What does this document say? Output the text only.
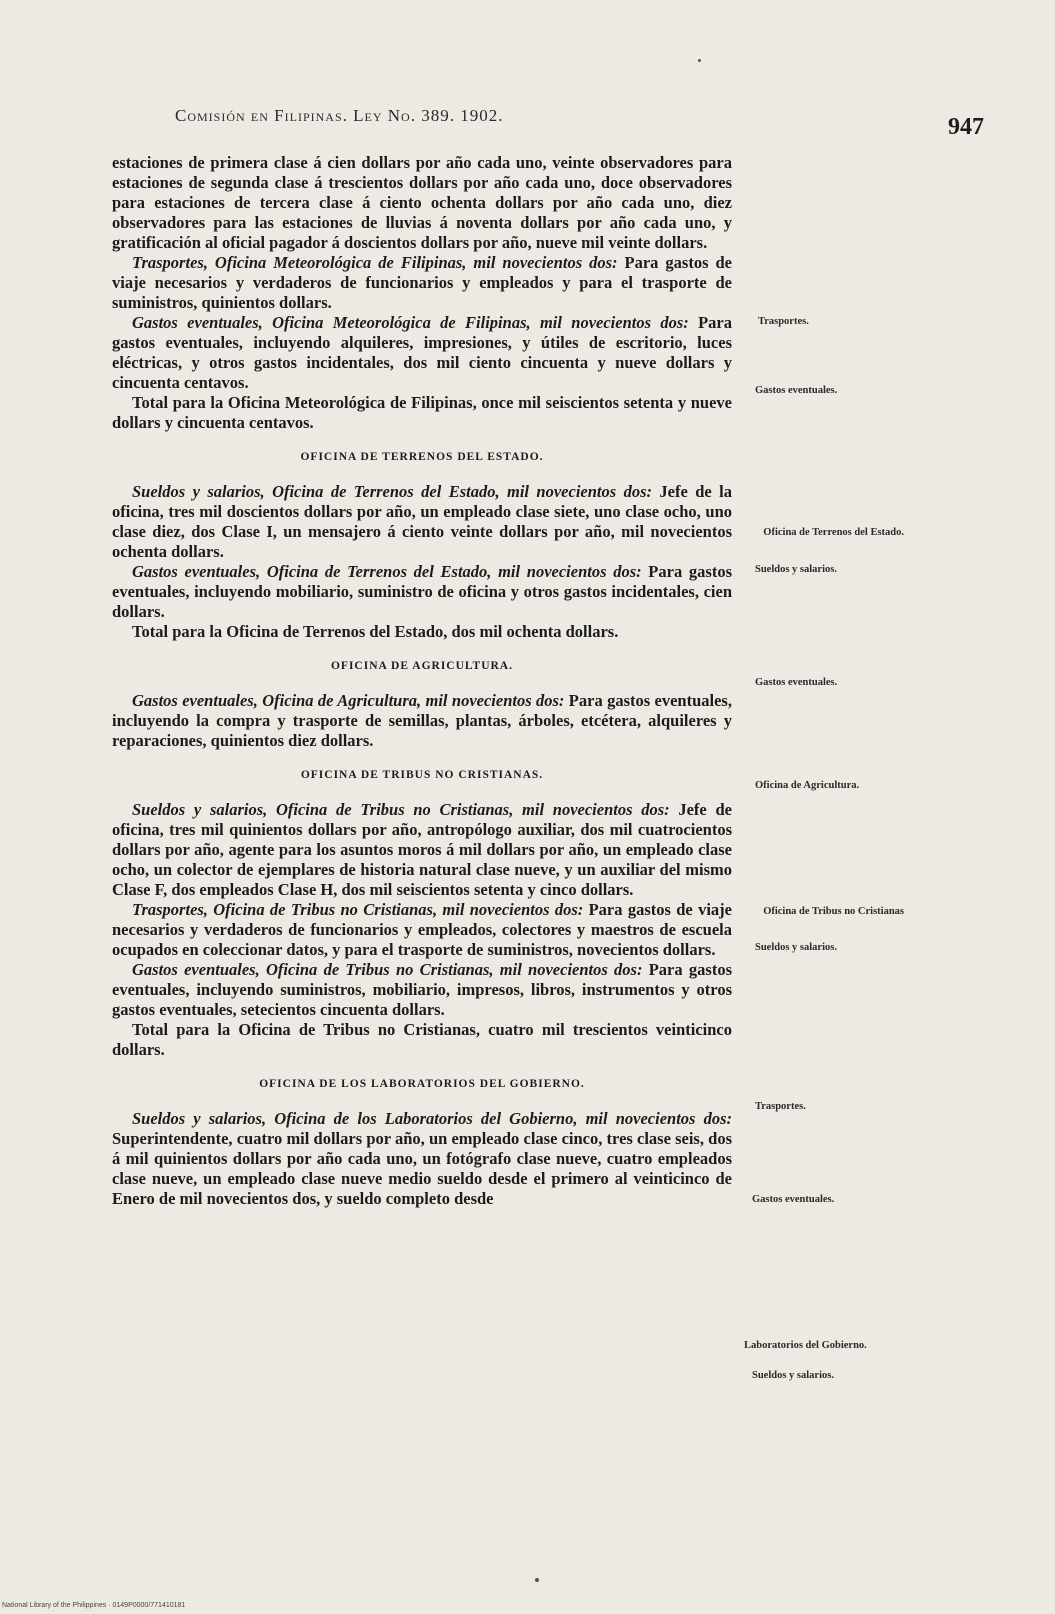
Comisión en Filipinas. Ley No. 389. 1902.	947

estaciones de primera clase á cien dollars por año cada uno, veinte observadores para estaciones de segunda clase á trescientos dollars por año cada uno, doce observadores para estaciones de tercera clase á ciento ochenta dollars por año cada uno, diez observadores para las estaciones de lluvias á noventa dollars por año cada uno, y gratificación al oficial pagador á doscientos dollars por año, nueve mil veinte dollars.

Trasportes, Oficina Meteorológica de Filipinas, mil novecientos dos: Para gastos de viaje necesarios y verdaderos de funcionarios y empleados y para el trasporte de suministros, quinientos dollars.

Gastos eventuales, Oficina Meteorológica de Filipinas, mil novecientos dos: Para gastos eventuales, incluyendo alquileres, impresiones, y útiles de escritorio, luces eléctricas, y otros gastos incidentales, dos mil ciento cincuenta y nueve dollars y cincuenta centavos.

Total para la Oficina Meteorológica de Filipinas, once mil seiscientos setenta y nueve dollars y cincuenta centavos.

OFICINA DE TERRENOS DEL ESTADO.

Sueldos y salarios, Oficina de Terrenos del Estado, mil novecientos dos: Jefe de la oficina, tres mil doscientos dollars por año, un empleado clase siete, uno clase ocho, uno clase diez, dos Clase I, un mensajero á ciento veinte dollars por año, mil novecientos ochenta dollars.

Gastos eventuales, Oficina de Terrenos del Estado, mil novecientos dos: Para gastos eventuales, incluyendo mobiliario, suministro de oficina y otros gastos incidentales, cien dollars.

Total para la Oficina de Terrenos del Estado, dos mil ochenta dollars.

OFICINA DE AGRICULTURA.

Gastos eventuales, Oficina de Agricultura, mil novecientos dos: Para gastos eventuales, incluyendo la compra y trasporte de semillas, plantas, árboles, etcétera, alquileres y reparaciones, quinientos diez dollars.

OFICINA DE TRIBUS NO CRISTIANAS.

Sueldos y salarios, Oficina de Tribus no Cristianas, mil novecientos dos: Jefe de oficina, tres mil quinientos dollars por año, antropólogo auxiliar, dos mil cuatrocientos dollars por año, agente para los asuntos moros á mil dollars por año, un empleado clase ocho, un colector de ejemplares de historia natural clase nueve, y un auxiliar del mismo Clase F, dos empleados Clase H, dos mil seiscientos setenta y cinco dollars.

Trasportes, Oficina de Tribus no Cristianas, mil novecientos dos: Para gastos de viaje necesarios y verdaderos de funcionarios y empleados, colectores y maestros de escuela ocupados en coleccionar datos, y para el trasporte de suministros, novecientos dollars.

Gastos eventuales, Oficina de Tribus no Cristianas, mil novecientos dos: Para gastos eventuales, incluyendo suministros, mobiliario, impresos, libros, instrumentos y otros gastos eventuales, setecientos cincuenta dollars.

Total para la Oficina de Tribus no Cristianas, cuatro mil trescientos veinticinco dollars.

OFICINA DE LOS LABORATORIOS DEL GOBIERNO.

Sueldos y salarios, Oficina de los Laboratorios del Gobierno, mil novecientos dos: Superintendente, cuatro mil dollars por año, un empleado clase cinco, tres clase seis, dos á mil quinientos dollars por año cada uno, un fotógrafo clase nueve, cuatro empleados clase nueve, un empleado clase nueve medio sueldo desde el primero al veinticinco de Enero de mil novecientos dos, y sueldo completo desde

Trasportes.
Gastos eventuales.
Oficina de Terrenos del Estado.
Sueldos y salarios.
Gastos eventuales.
Oficina de Agricultura.
Oficina de Tribus no Cristianas
Sueldos y salarios.
Trasportes.
Gastos eventuales.
Laboratorios del Gobierno.
Sueldos y salarios.
National Library of the Philippines · 0149P0000/771410181
